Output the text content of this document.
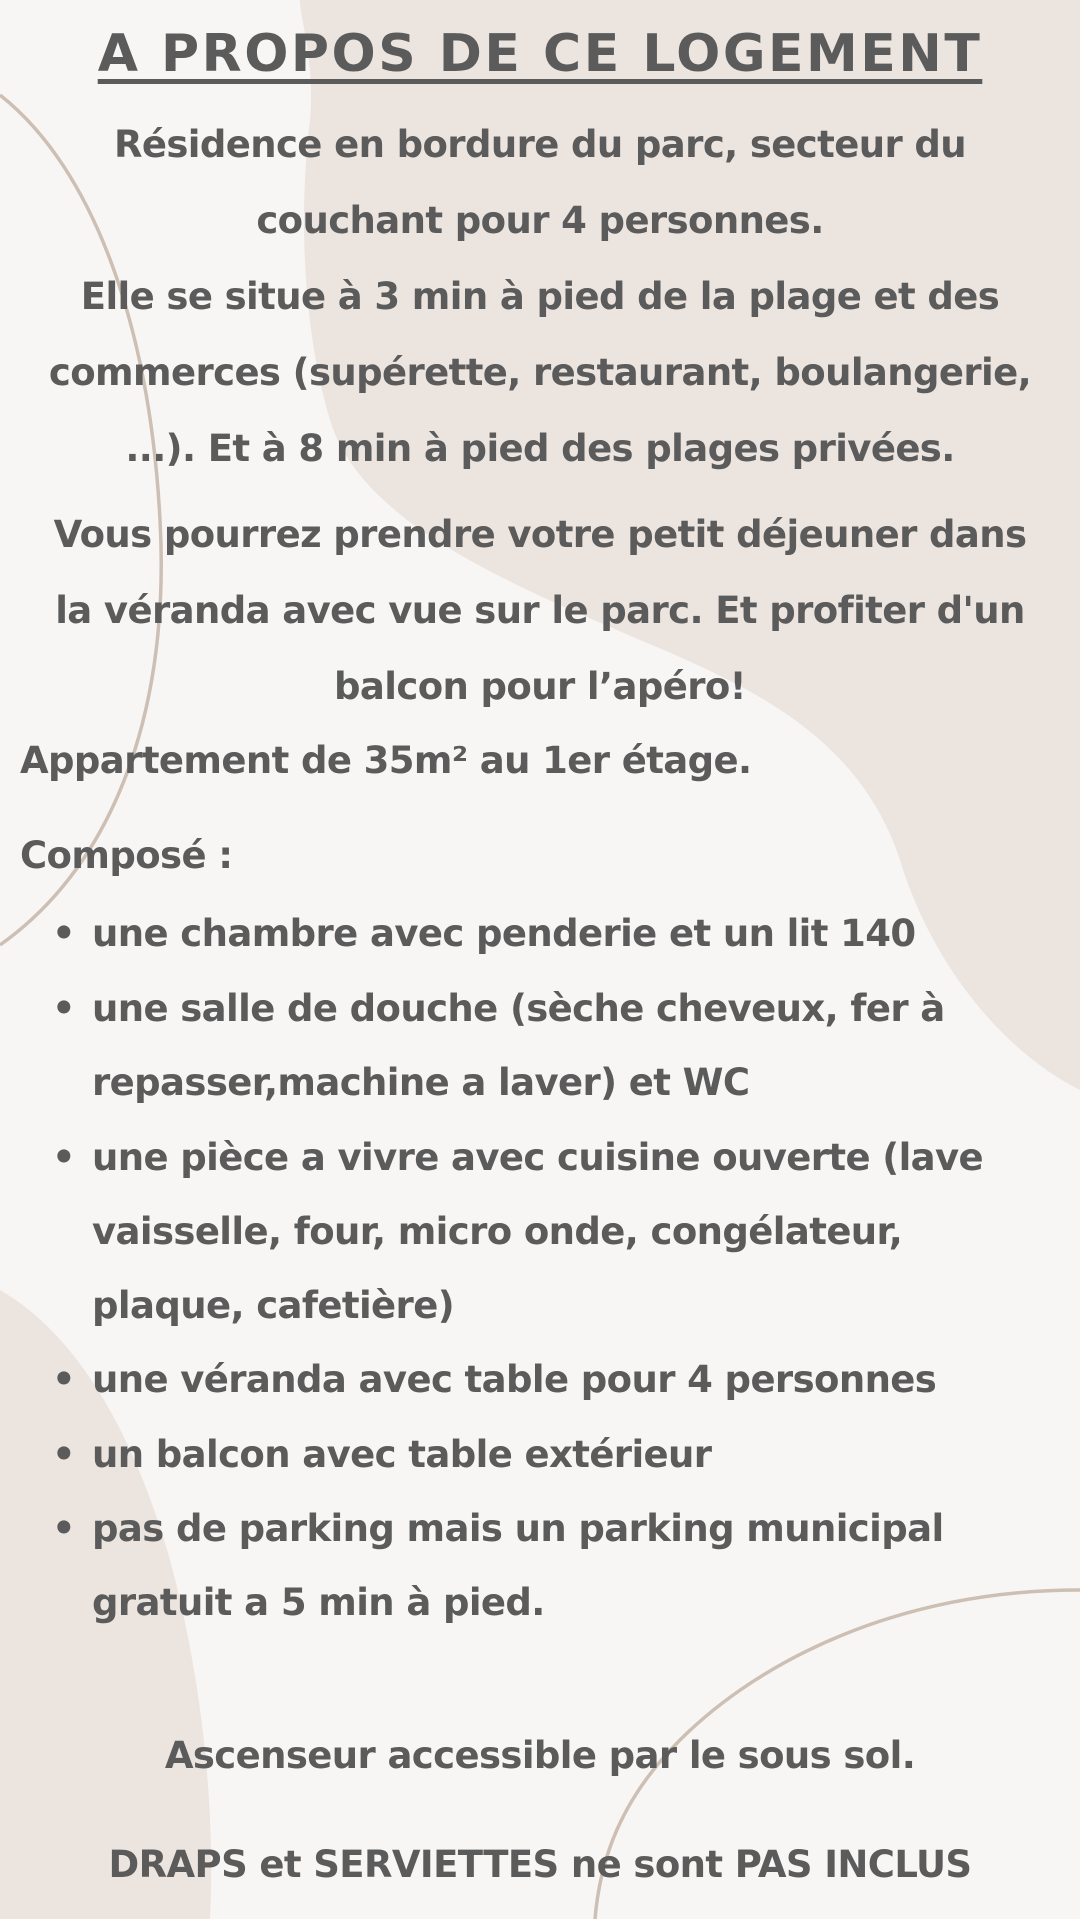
A PROPOS DE CE LOGEMENT
Résidence en bordure du parc, secteur du
couchant pour 4 personnes.
Elle se situe à 3 min à pied de la plage et des
commerces (supérette, restaurant, boulangerie,
...). Et à 8 min à pied des plages privées.
Vous pourrez prendre votre petit déjeuner dans
la véranda avec vue sur le parc. Et profiter d'un
balcon pour l’apéro!
Appartement de 35m² au 1er étage.
Composé :
• une chambre avec penderie et un lit 140
• une salle de douche (sèche cheveux, fer à
repasser,machine a laver) et WC
• une pièce a vivre avec cuisine ouverte (lave
vaisselle, four, micro onde, congélateur,
plaque, cafetière)
• une véranda avec table pour 4 personnes
• un balcon avec table extérieur
• pas de parking mais un parking municipal
gratuit a 5 min à pied.
Ascenseur accessible par le sous sol.
DRAPS et SERVIETTES ne sont PAS INCLUS
